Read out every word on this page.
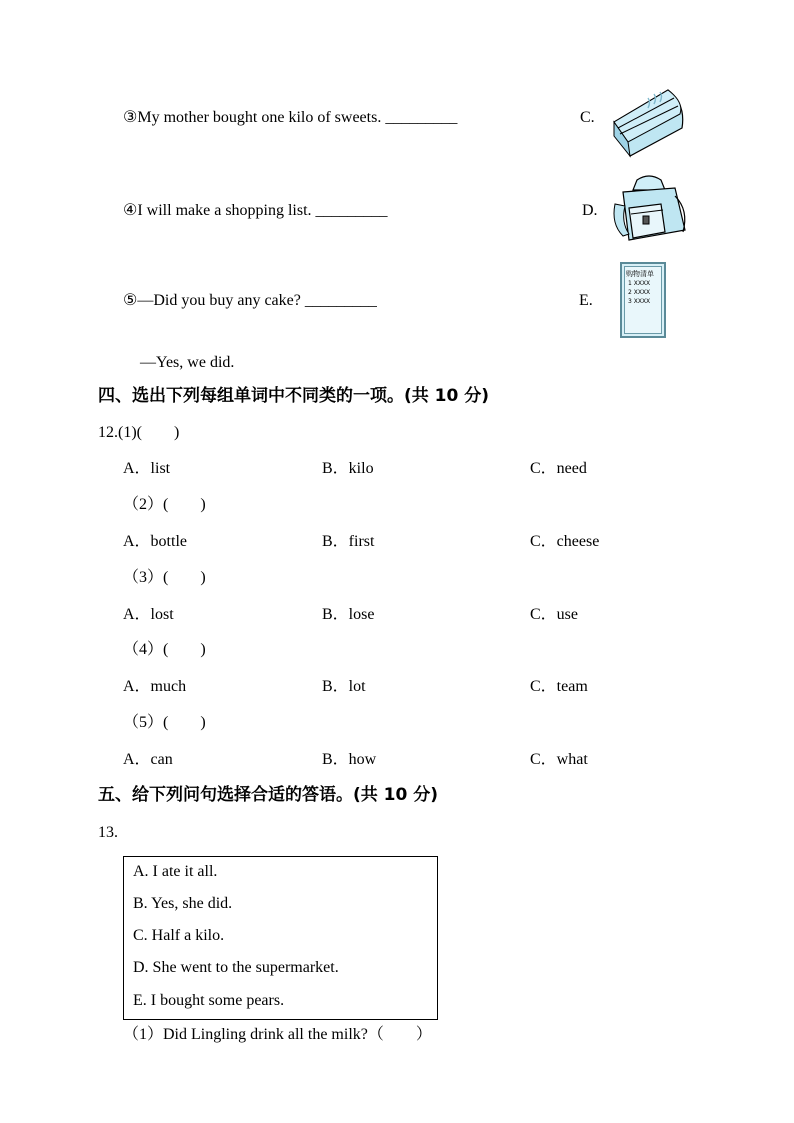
③My mother bought one kilo of sweets. _________	C.
④I will make a shopping list. _________	D.
⑤—Did you buy any cake? _________	E.
购物清单
1 XXXX
2 XXXX
3 XXXX
—Yes, we did.
四、选出下列每组单词中不同类的一项。(共 10 分)
12.(1)(　　)
A．list	B．kilo	C．need
（2）(　　)
A．bottle	B．first	C．cheese
（3）(　　)
A．lost	B．lose	C．use
（4）(　　)
A．much	B．lot	C．team
（5）(　　)
A．can	B．how	C．what
五、给下列问句选择合适的答语。(共 10 分)
13.
A. I ate it all.
B. Yes, she did.
C. Half a kilo.
D. She went to the supermarket.
E. I bought some pears.
（1）Did Lingling drink all the milk?（　　）
